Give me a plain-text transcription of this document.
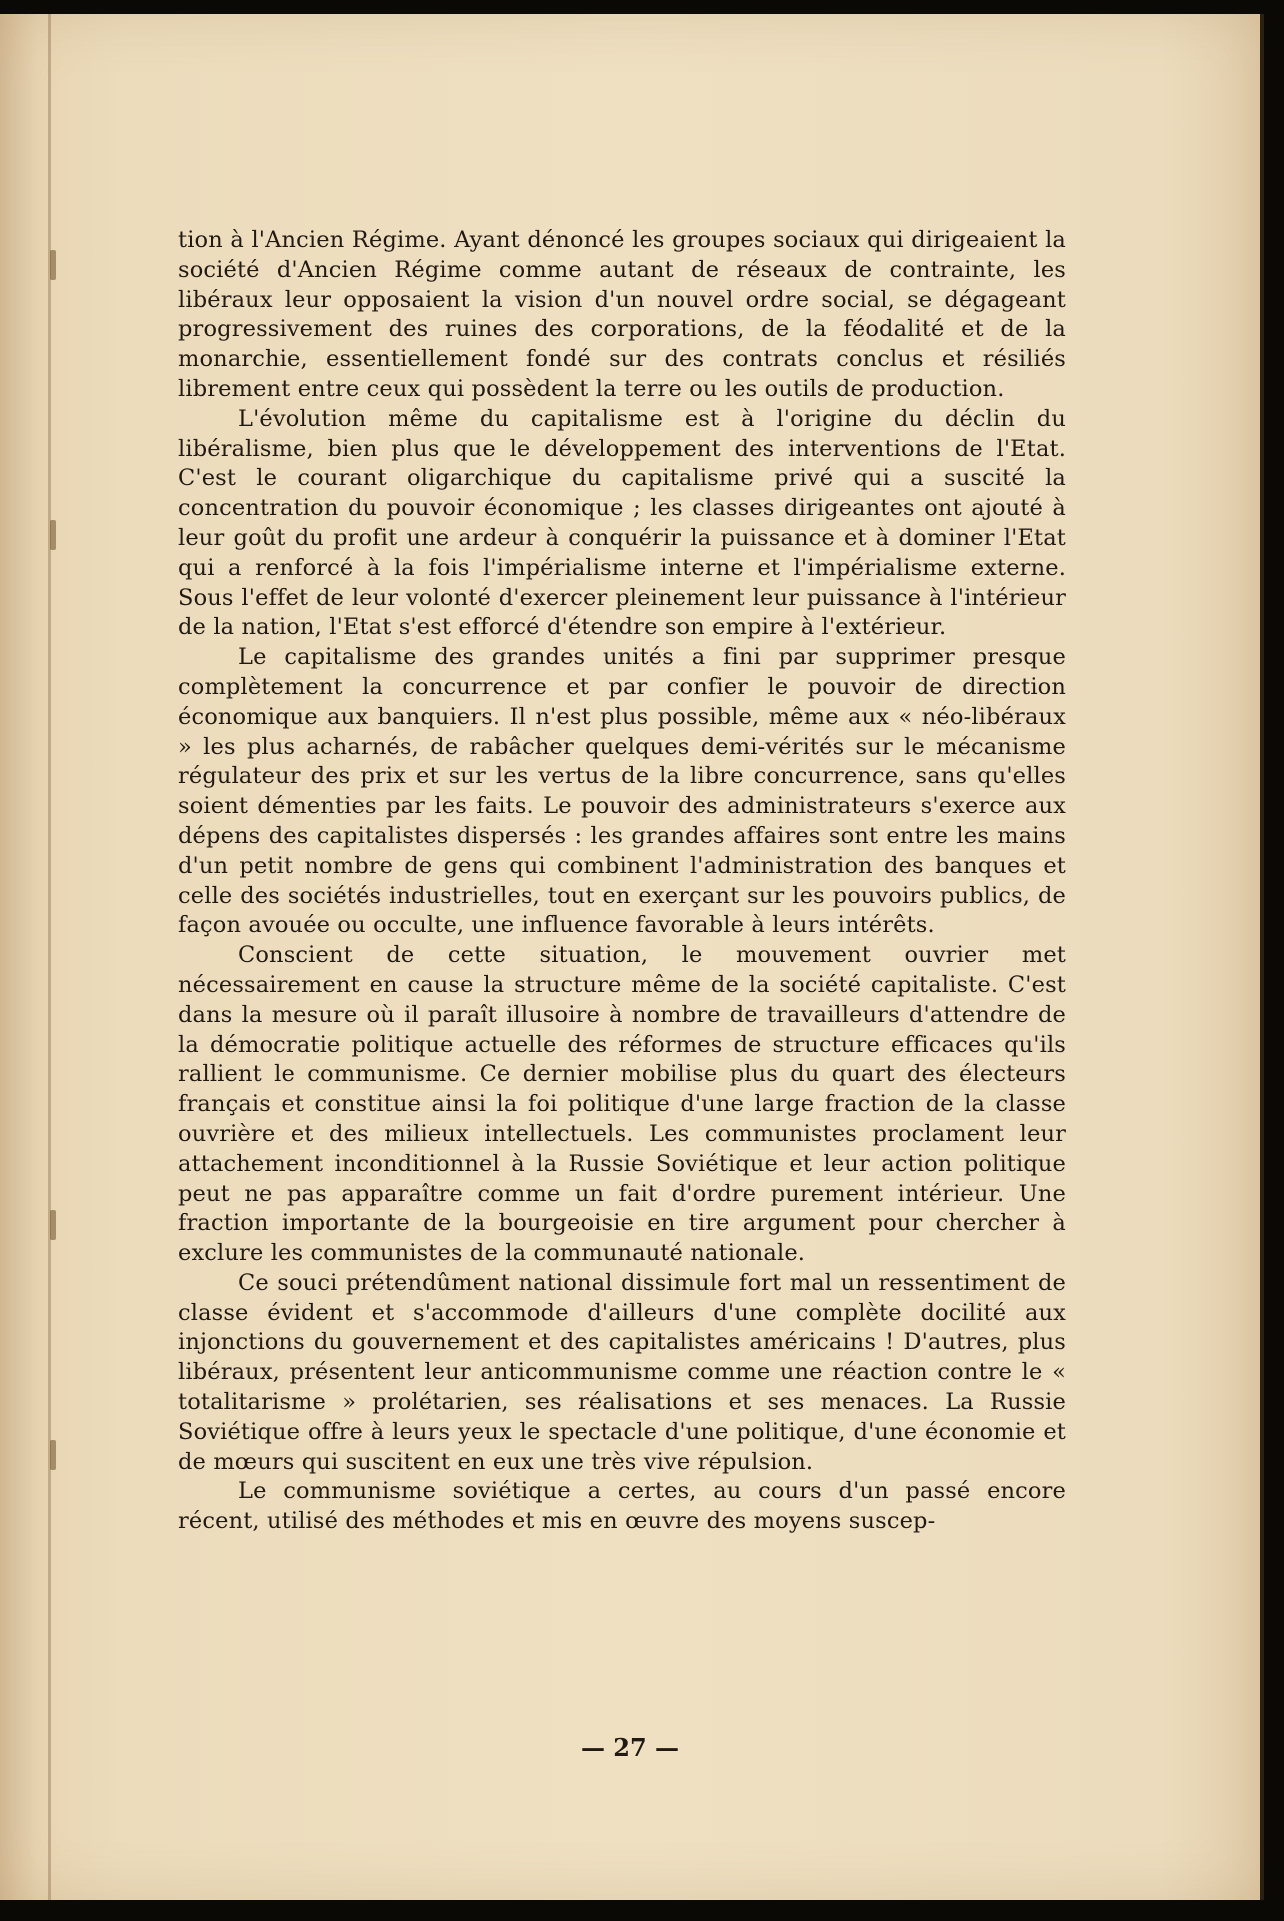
tion à l'Ancien Régime. Ayant dénoncé les groupes sociaux qui dirigeaient la société d'Ancien Régime comme autant de réseaux de contrainte, les libéraux leur opposaient la vision d'un nouvel ordre social, se dégageant progressivement des ruines des corporations, de la féodalité et de la monarchie, essentiellement fondé sur des contrats conclus et résiliés librement entre ceux qui possèdent la terre ou les outils de production.

L'évolution même du capitalisme est à l'origine du déclin du libéralisme, bien plus que le développement des interventions de l'Etat. C'est le courant oligarchique du capitalisme privé qui a suscité la concentration du pouvoir économique ; les classes dirigeantes ont ajouté à leur goût du profit une ardeur à conquérir la puissance et à dominer l'Etat qui a renforcé à la fois l'impérialisme interne et l'impérialisme externe. Sous l'effet de leur volonté d'exercer pleinement leur puissance à l'intérieur de la nation, l'Etat s'est efforcé d'étendre son empire à l'extérieur.

Le capitalisme des grandes unités a fini par supprimer presque complètement la concurrence et par confier le pouvoir de direction économique aux banquiers. Il n'est plus possible, même aux « néo-libéraux » les plus acharnés, de rabâcher quelques demi-vérités sur le mécanisme régulateur des prix et sur les vertus de la libre concurrence, sans qu'elles soient démenties par les faits. Le pouvoir des administrateurs s'exerce aux dépens des capitalistes dispersés : les grandes affaires sont entre les mains d'un petit nombre de gens qui combinent l'administration des banques et celle des sociétés industrielles, tout en exerçant sur les pouvoirs publics, de façon avouée ou occulte, une influence favorable à leurs intérêts.

Conscient de cette situation, le mouvement ouvrier met nécessairement en cause la structure même de la société capitaliste. C'est dans la mesure où il paraît illusoire à nombre de travailleurs d'attendre de la démocratie politique actuelle des réformes de structure efficaces qu'ils rallient le communisme. Ce dernier mobilise plus du quart des électeurs français et constitue ainsi la foi politique d'une large fraction de la classe ouvrière et des milieux intellectuels. Les communistes proclament leur attachement inconditionnel à la Russie Soviétique et leur action politique peut ne pas apparaître comme un fait d'ordre purement intérieur. Une fraction importante de la bourgeoisie en tire argument pour chercher à exclure les communistes de la communauté nationale.

Ce souci prétendûment national dissimule fort mal un ressentiment de classe évident et s'accommode d'ailleurs d'une complète docilité aux injonctions du gouvernement et des capitalistes américains ! D'autres, plus libéraux, présentent leur anticommunisme comme une réaction contre le « totalitarisme » prolétarien, ses réalisations et ses menaces. La Russie Soviétique offre à leurs yeux le spectacle d'une politique, d'une économie et de mœurs qui suscitent en eux une très vive répulsion.

Le communisme soviétique a certes, au cours d'un passé encore récent, utilisé des méthodes et mis en œuvre des moyens suscep-

— 27 —
